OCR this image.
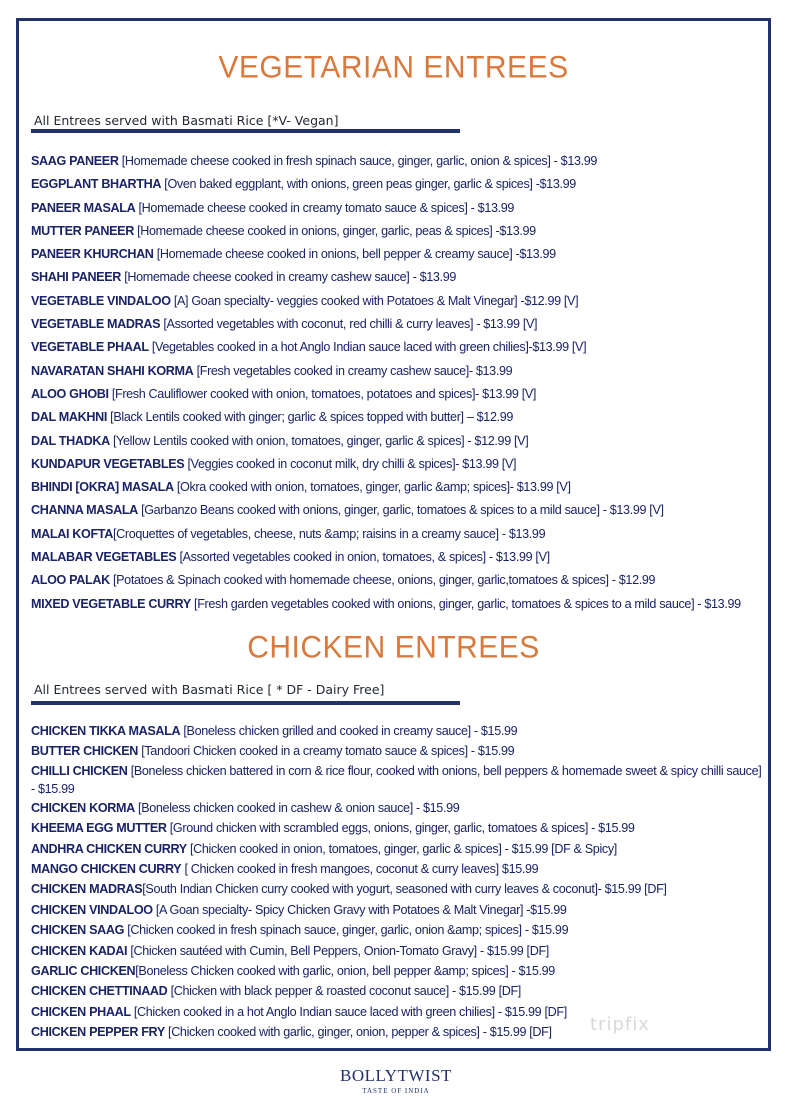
VEGETARIAN ENTREES
All Entrees served with Basmati Rice [*V- Vegan]
SAAG PANEER [Homemade cheese cooked in fresh spinach sauce, ginger, garlic, onion & spices] - $13.99
EGGPLANT BHARTHA [Oven baked eggplant, with onions, green peas ginger, garlic & spices] -$13.99
PANEER MASALA [Homemade cheese cooked in creamy tomato sauce & spices] - $13.99
MUTTER PANEER [Homemade cheese cooked in onions, ginger, garlic, peas & spices] -$13.99
PANEER KHURCHAN [Homemade cheese cooked in onions, bell pepper & creamy sauce] -$13.99
SHAHI PANEER [Homemade cheese cooked in creamy cashew sauce] - $13.99
VEGETABLE VINDALOO [A] Goan specialty- veggies cooked with Potatoes & Malt Vinegar] -$12.99 [V]
VEGETABLE MADRAS [Assorted vegetables with coconut, red chilli & curry leaves] - $13.99 [V]
VEGETABLE PHAAL [Vegetables cooked in a hot Anglo Indian sauce laced with green chilies]-$13.99 [V]
NAVARATAN SHAHI KORMA [Fresh vegetables cooked in creamy cashew sauce]- $13.99
ALOO GHOBI [Fresh Cauliflower cooked with onion, tomatoes, potatoes and spices]- $13.99 [V]
DAL MAKHNI [Black Lentils cooked with ginger; garlic & spices topped with butter] – $12.99
DAL THADKA [Yellow Lentils cooked with onion, tomatoes, ginger, garlic & spices] - $12.99 [V]
KUNDAPUR VEGETABLES [Veggies cooked in coconut milk, dry chilli & spices]- $13.99 [V]
BHINDI [OKRA] MASALA [Okra cooked with onion, tomatoes, ginger, garlic &amp; spices]- $13.99 [V]
CHANNA MASALA [Garbanzo Beans cooked with onions, ginger, garlic, tomatoes & spices to a mild sauce] - $13.99 [V]
MALAI KOFTA[Croquettes of vegetables, cheese, nuts &amp; raisins in a creamy sauce] - $13.99
MALABAR VEGETABLES [Assorted vegetables cooked in onion, tomatoes, & spices] - $13.99 [V]
ALOO PALAK [Potatoes & Spinach cooked with homemade cheese, onions, ginger, garlic,tomatoes & spices] - $12.99
MIXED VEGETABLE CURRY [Fresh garden vegetables cooked with onions, ginger, garlic, tomatoes & spices to a mild sauce] - $13.99
CHICKEN ENTREES
All Entrees served with Basmati Rice [ * DF - Dairy Free]
CHICKEN TIKKA MASALA [Boneless chicken grilled and cooked in creamy sauce] - $15.99
BUTTER CHICKEN [Tandoori Chicken cooked in a creamy tomato sauce & spices] - $15.99
CHILLI CHICKEN [Boneless chicken battered in corn & rice flour, cooked with onions, bell peppers & homemade sweet & spicy chilli sauce] - $15.99
CHICKEN KORMA [Boneless chicken cooked in cashew & onion sauce] - $15.99
KHEEMA EGG MUTTER [Ground chicken with scrambled eggs, onions, ginger, garlic, tomatoes & spices] - $15.99
ANDHRA CHICKEN CURRY [Chicken cooked in onion, tomatoes, ginger, garlic & spices] - $15.99 [DF & Spicy]
MANGO CHICKEN CURRY [ Chicken cooked in fresh mangoes, coconut & curry leaves] $15.99
CHICKEN MADRAS[South Indian Chicken curry cooked with yogurt, seasoned with curry leaves & coconut]- $15.99 [DF]
CHICKEN VINDALOO [A Goan specialty- Spicy Chicken Gravy with Potatoes & Malt Vinegar] -$15.99
CHICKEN SAAG [Chicken cooked in fresh spinach sauce, ginger, garlic, onion &amp; spices] - $15.99
CHICKEN KADAI [Chicken sautéed with Cumin, Bell Peppers, Onion-Tomato Gravy] - $15.99 [DF]
GARLIC CHICKEN[Boneless Chicken cooked with garlic, onion, bell pepper &amp; spices] - $15.99
CHICKEN CHETTINAAD [Chicken with black pepper & roasted coconut sauce] - $15.99 [DF]
CHICKEN PHAAL [Chicken cooked in a hot Anglo Indian sauce laced with green chilies] - $15.99 [DF]
CHICKEN PEPPER FRY [Chicken cooked with garlic, ginger, onion, pepper & spices] - $15.99 [DF]	tripfix
BOLLYTWIST
TASTE OF INDIA
